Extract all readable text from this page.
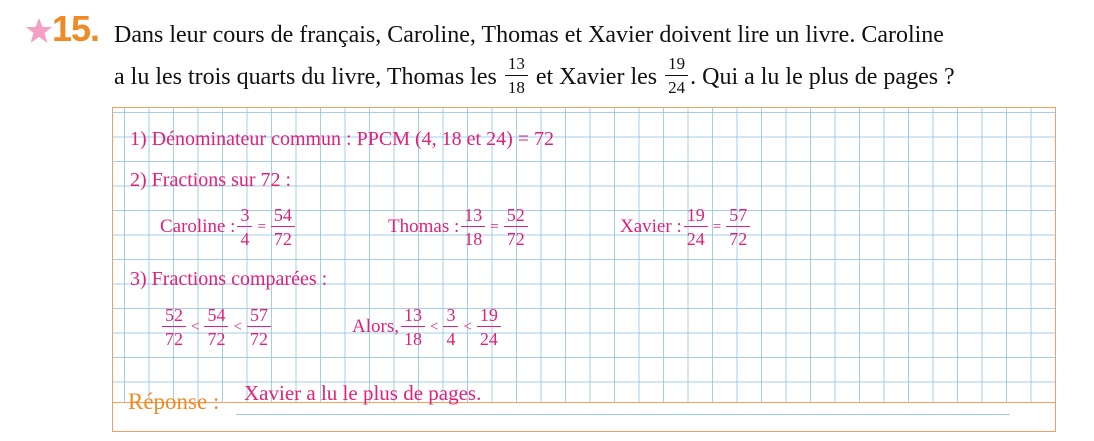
15. Dans leur cours de français, Caroline, Thomas et Xavier doivent lire un livre. Caroline
a lu les trois quarts du livre, Thomas les $\frac{13}{18}$ et Xavier les $\frac{19}{24}$ . Qui a lu le plus de pages ?
1) Dénominateur commun : PPCM (4, 18 et 24) = 72
2) Fractions sur 72 :
Caroline : $\frac{3}{4} = \frac{54}{72}$	Thomas : $\frac{13}{18} = \frac{52}{72}$	Xavier : $\frac{19}{24} = \frac{57}{72}$
3) Fractions comparées :
$\frac{52}{72} < \frac{54}{72} < \frac{57}{72}$	Alors, $\frac{13}{18} < \frac{3}{4} < \frac{19}{24}$
Réponse : Xavier a lu le plus de pages.
